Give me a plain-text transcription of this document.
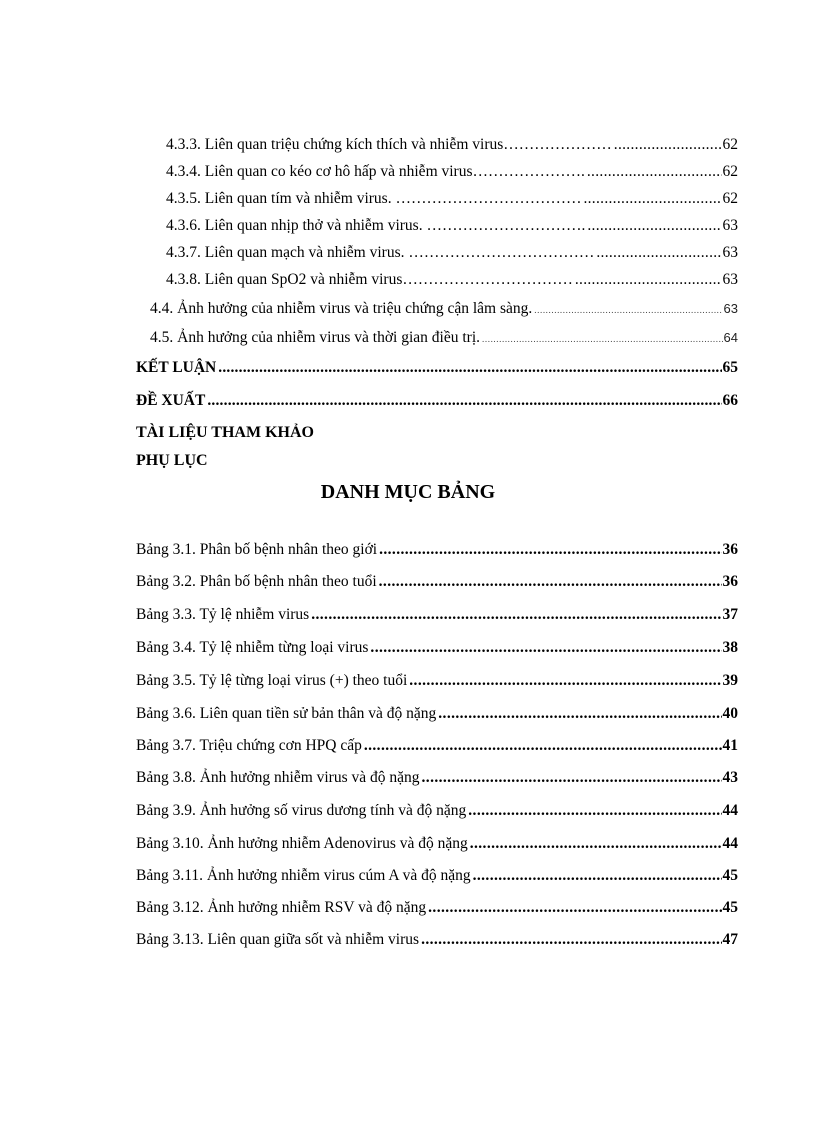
4.3.3. Liên quan triệu chứng kích thích và nhiễm virus………………… .....	62
4.3.4. Liên quan co kéo cơ hô hấp và nhiễm virus…………………. .....	62
4.3.5. Liên quan tím và nhiễm virus. ……………………………… .....	62
4.3.6. Liên quan nhịp thở và nhiễm virus. …………………………. .....	63
4.3.7. Liên quan mạch và nhiễm virus. ……………………………… .....	63
4.3.8. Liên quan SpO2 và nhiễm virus…………………………… .....	63
4.4. Ảnh hưởng của nhiễm virus và triệu chứng cận lâm sàng. .....	63
4.5. Ảnh hưởng của nhiễm virus và thời gian điều trị. .....	64
KẾT LUẬN .....	65
ĐỀ XUẤT .....	66
TÀI LIỆU THAM KHẢO
PHỤ LỤC
DANH MỤC BẢNG
Bảng 3.1. Phân bố bệnh nhân theo giới .....	36
Bảng 3.2. Phân bố bệnh nhân theo tuổi .....	36
Bảng 3.3. Tỷ lệ nhiễm virus .....	37
Bảng 3.4. Tỷ lệ nhiễm từng loại virus .....	38
Bảng 3.5. Tỷ lệ từng loại virus (+) theo tuổi .....	39
Bảng 3.6. Liên quan tiền sử bản thân và độ nặng .....	40
Bảng 3.7. Triệu chứng cơn HPQ cấp .....	41
Bảng 3.8. Ảnh hưởng nhiễm virus và độ nặng .....	43
Bảng 3.9. Ảnh hưởng số virus dương tính và độ nặng .....	44
Bảng 3.10. Ảnh hưởng nhiễm Adenovirus và độ nặng .....	44
Bảng 3.11. Ảnh hưởng nhiễm virus cúm A và độ nặng .....	45
Bảng 3.12. Ảnh hưởng nhiễm RSV và độ nặng .....	45
Bảng 3.13. Liên quan giữa sốt và nhiễm virus .....	47
